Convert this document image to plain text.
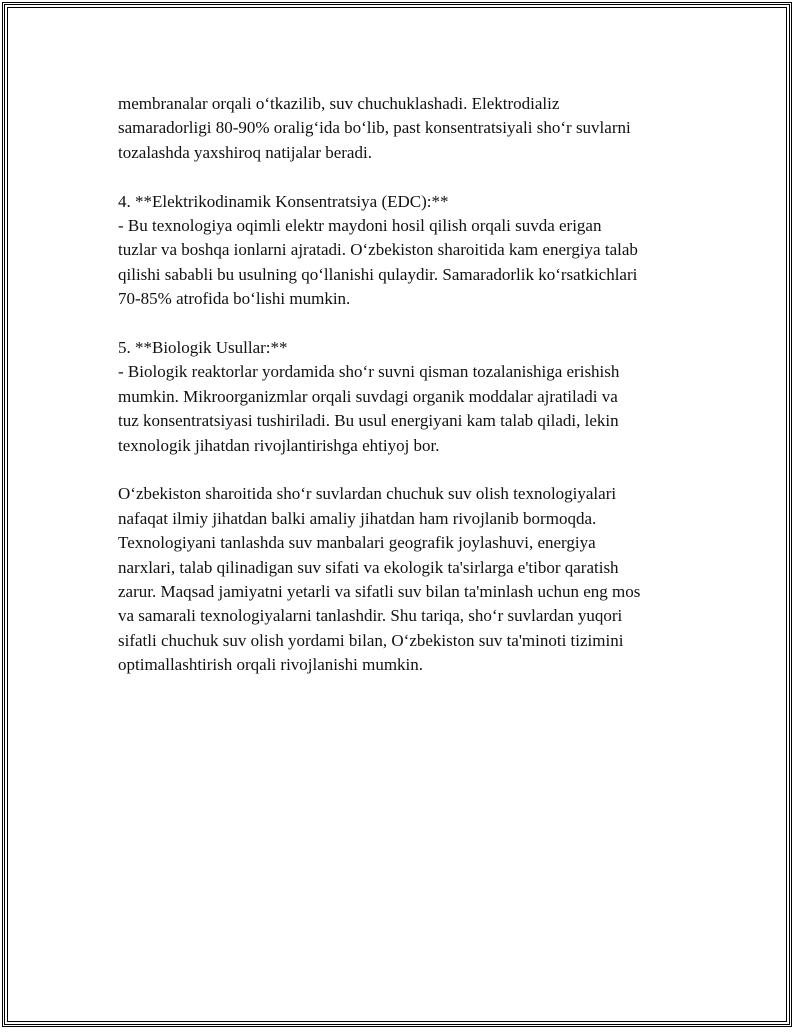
membranalar orqali o‘tkazilib, suv chuchuklashadi. Elektrodializ
samaradorligi 80-90% oralig‘ida bo‘lib, past konsentratsiyali sho‘r suvlarni
tozalashda yaxshiroq natijalar beradi.

4. **Elektrikodinamik Konsentratsiya (EDC):**
- Bu texnologiya oqimli elektr maydoni hosil qilish orqali suvda erigan
tuzlar va boshqa ionlarni ajratadi. O‘zbekiston sharoitida kam energiya talab
qilishi sababli bu usulning qo‘llanishi qulaydir. Samaradorlik ko‘rsatkichlari
70-85% atrofida bo‘lishi mumkin.

5. **Biologik Usullar:**
- Biologik reaktorlar yordamida sho‘r suvni qisman tozalanishiga erishish
mumkin. Mikroorganizmlar orqali suvdagi organik moddalar ajratiladi va
tuz konsentratsiyasi tushiriladi. Bu usul energiyani kam talab qiladi, lekin
texnologik jihatdan rivojlantirishga ehtiyoj bor.

O‘zbekiston sharoitida sho‘r suvlardan chuchuk suv olish texnologiyalari
nafaqat ilmiy jihatdan balki amaliy jihatdan ham rivojlanib bormoqda.
Texnologiyani tanlashda suv manbalari geografik joylashuvi, energiya
narxlari, talab qilinadigan suv sifati va ekologik ta'sirlarga e'tibor qaratish
zarur. Maqsad jamiyatni yetarli va sifatli suv bilan ta'minlash uchun eng mos
va samarali texnologiyalarni tanlashdir. Shu tariqa, sho‘r suvlardan yuqori
sifatli chuchuk suv olish yordami bilan, O‘zbekiston suv ta'minoti tizimini
optimallashtirish orqali rivojlanishi mumkin.
